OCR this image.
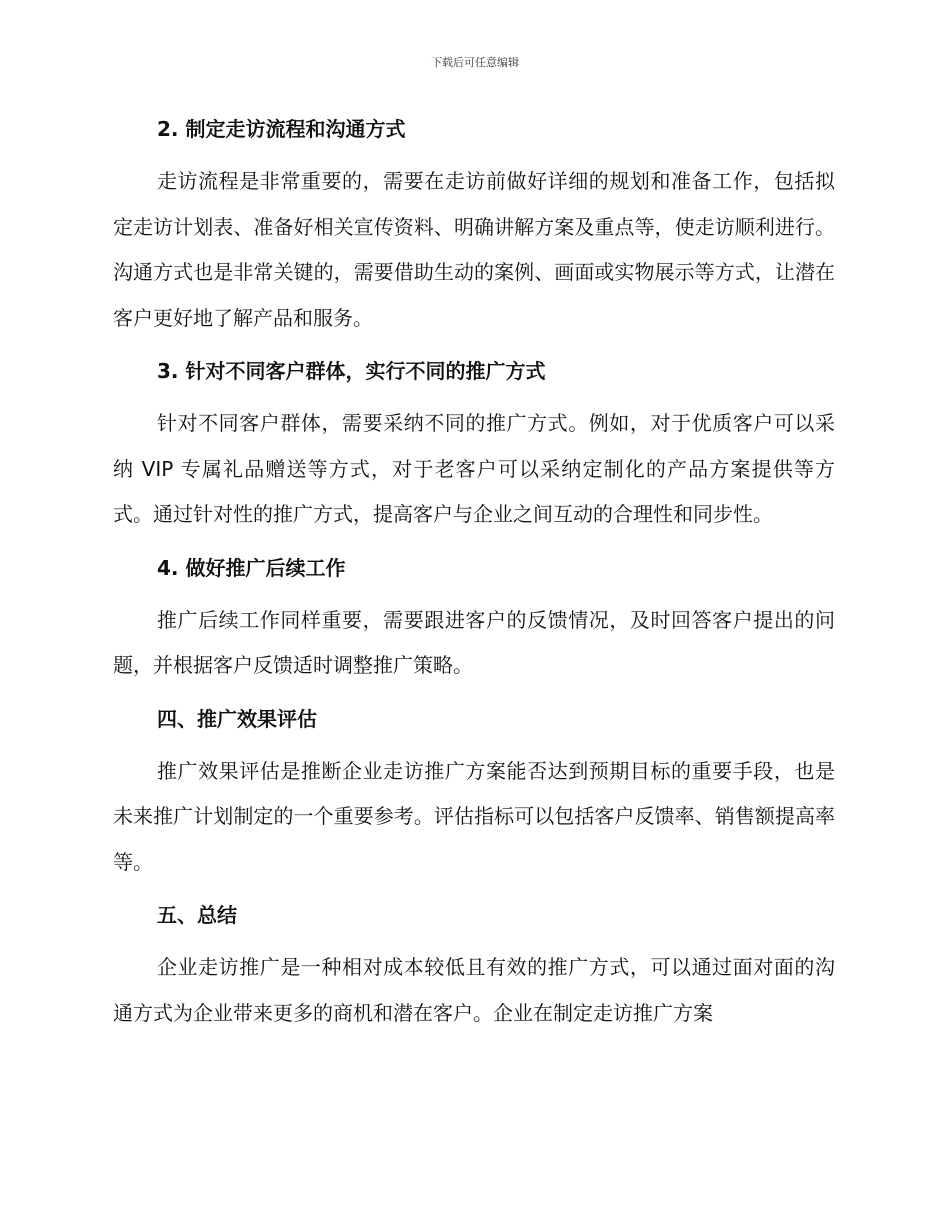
下载后可任意编辑

2. 制定走访流程和沟通方式

走访流程是非常重要的，需要在走访前做好详细的规划和准备工作，包括拟定走访计划表、准备好相关宣传资料、明确讲解方案及重点等，使走访顺利进行。沟通方式也是非常关键的，需要借助生动的案例、画面或实物展示等方式，让潜在客户更好地了解产品和服务。

3. 针对不同客户群体，实行不同的推广方式

针对不同客户群体，需要采纳不同的推广方式。例如，对于优质客户可以采纳 VIP 专属礼品赠送等方式，对于老客户可以采纳定制化的产品方案提供等方式。通过针对性的推广方式，提高客户与企业之间互动的合理性和同步性。

4. 做好推广后续工作

推广后续工作同样重要，需要跟进客户的反馈情况，及时回答客户提出的问题，并根据客户反馈适时调整推广策略。

四、推广效果评估

推广效果评估是推断企业走访推广方案能否达到预期目标的重要手段，也是未来推广计划制定的一个重要参考。评估指标可以包括客户反馈率、销售额提高率等。

五、总结

企业走访推广是一种相对成本较低且有效的推广方式，可以通过面对面的沟通方式为企业带来更多的商机和潜在客户。企业在制定走访推广方案
